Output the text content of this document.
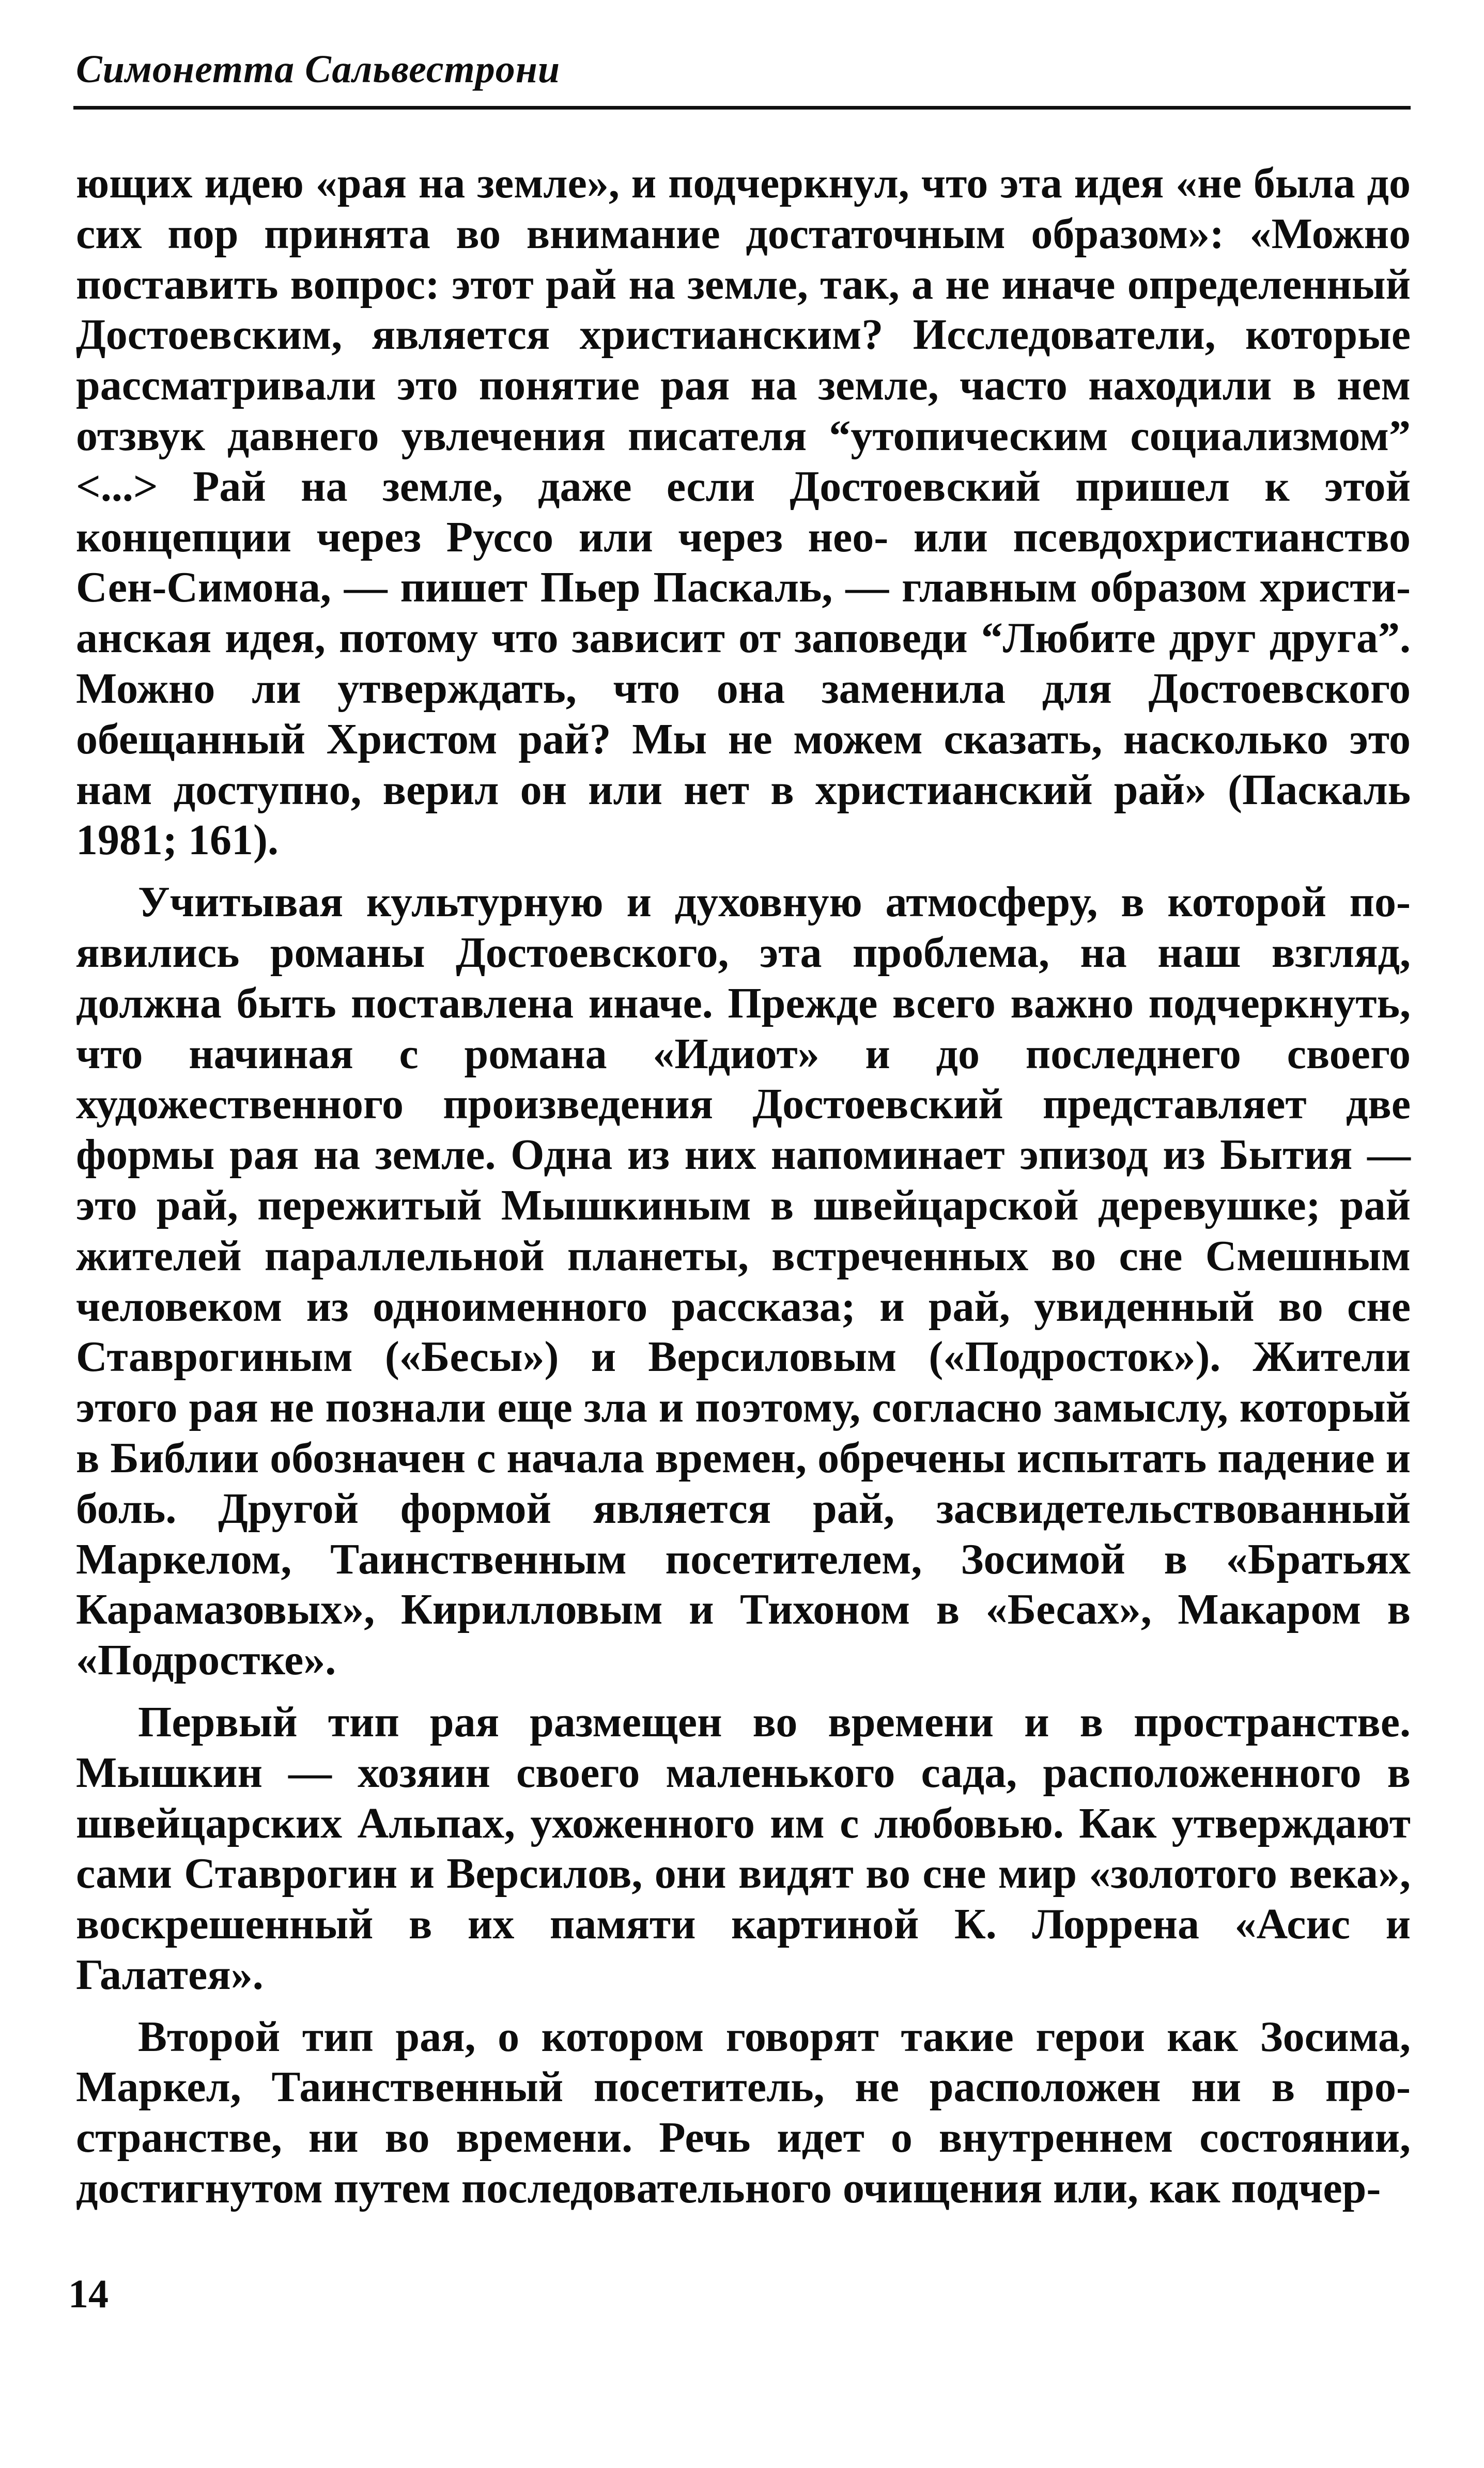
Симонетта Сальвестрони

ющих идею «рая на земле», и подчеркнул, что эта идея «не была до сих пор принята во внимание достаточным образом»: «Можно поставить вопрос: этот рай на земле, так, а не иначе определенный Достоевским, является христианским? Исследователи, которые рассматривали это понятие рая на земле, часто находили в нем отзвук давнего увлечения писателя “утопическим социализмом” <...> Рай на земле, даже если Достоевский пришел к этой концепции через Руссо или через нео- или псевдохристианство Сен-Симона, — пишет Пьер Паскаль, — главным образом христианская идея, потому что зависит от заповеди “Любите друг друга”. Можно ли утверждать, что она заменила для Достоевского обещанный Христом рай? Мы не можем сказать, насколько это нам доступно, верил он или нет в христианский рай» (Паскаль 1981; 161).

Учитывая культурную и духовную атмосферу, в которой появились романы Достоевского, эта проблема, на наш взгляд, должна быть поставлена иначе. Прежде всего важно подчеркнуть, что начиная с романа «Идиот» и до последнего своего художественного произведения Достоевский представляет две формы рая на земле. Одна из них напоминает эпизод из Бытия — это рай, пережитый Мышкиным в швейцарской деревушке; рай жителей параллельной планеты, встреченных во сне Смешным человеком из одноименного рассказа; и рай, увиденный во сне Ставрогиным («Бесы») и Версиловым («Подросток»). Жители этого рая не познали еще зла и поэтому, согласно замыслу, который в Библии обозначен с начала времен, обречены испытать падение и боль. Другой формой является рай, засвидетельствованный Маркелом, Таинственным посетителем, Зосимой в «Братьях Карамазовых», Кирилловым и Тихоном в «Бесах», Макаром в «Подростке».

Первый тип рая размещен во времени и в пространстве. Мышкин — хозяин своего маленького сада, расположенного в швейцарских Альпах, ухоженного им с любовью. Как утверждают сами Ставрогин и Версилов, они видят во сне мир «золотого века», воскрешенный в их памяти картиной К. Лоррена «Асис и Галатея».

Второй тип рая, о котором говорят такие герои как Зосима, Маркел, Таинственный посетитель, не расположен ни в пространстве, ни во времени. Речь идет о внутреннем состоянии, достигнутом путем последовательного очищения или, как подчер-

14
